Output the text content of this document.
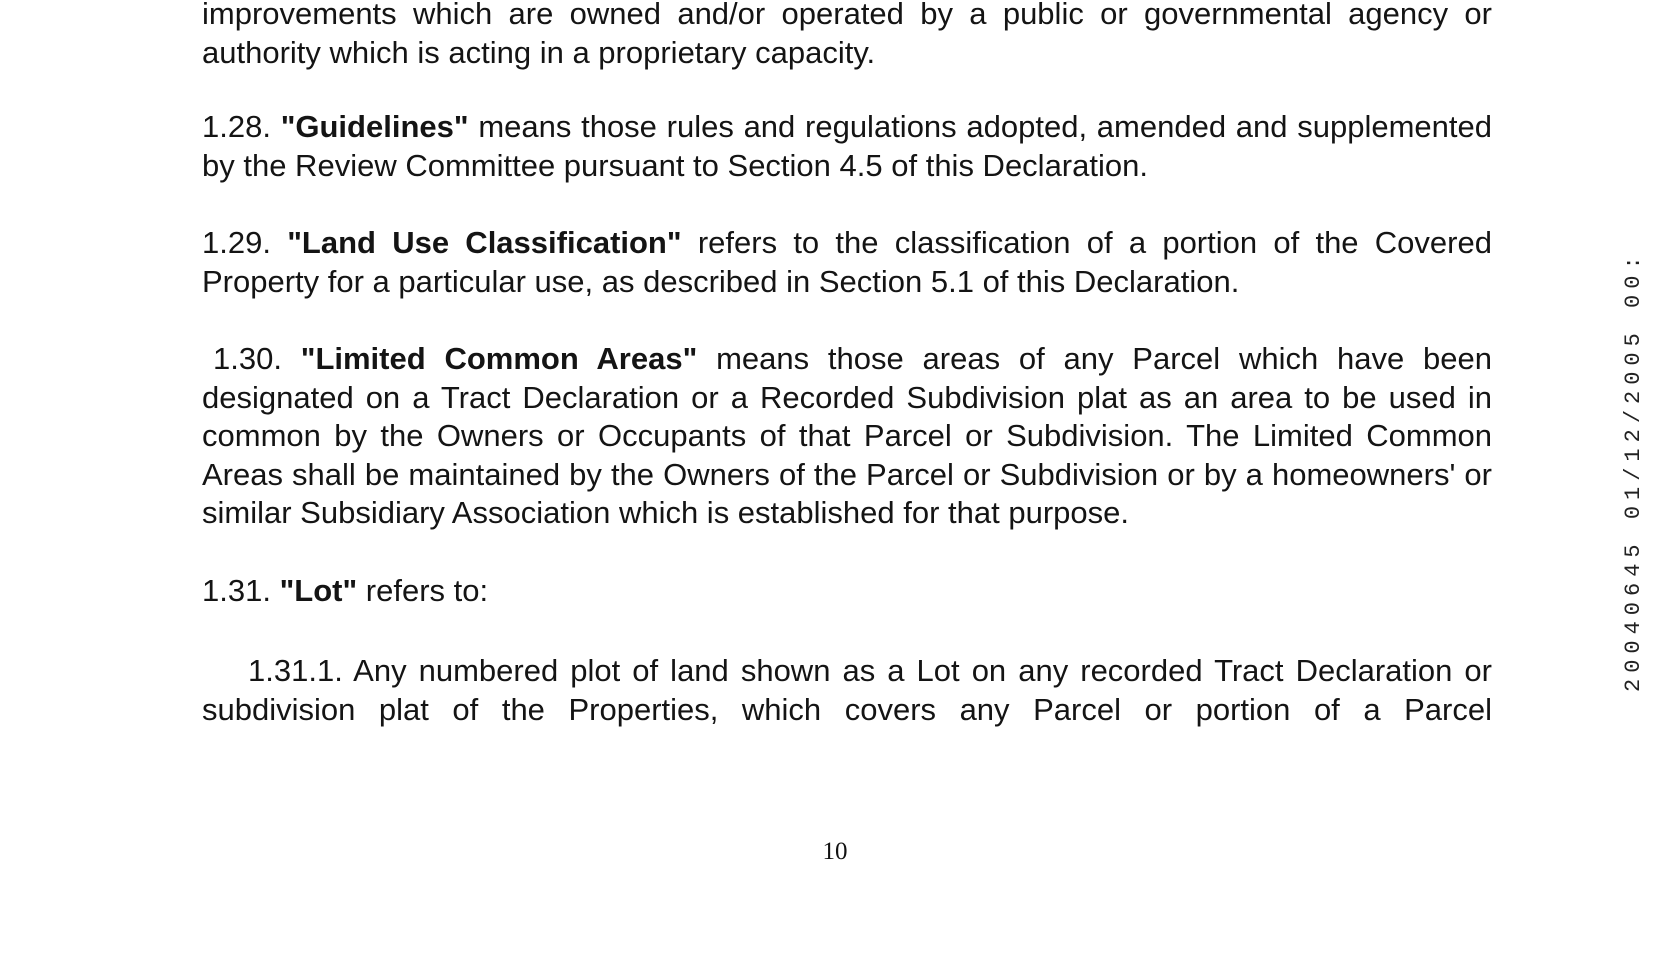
improvements which are owned and/or operated by a public or governmental agency or

authority which is acting in a proprietary capacity.

1.28. "Guidelines" means those rules and regulations adopted, amended and supplemented by the Review Committee pursuant to Section 4.5 of this Declaration.

1.29. "Land Use Classification" refers to the classification of a portion of the Covered Property for a particular use, as described in Section 5.1 of this Declaration.

1.30. "Limited Common Areas" means those areas of any Parcel which have been designated on a Tract Declaration or a Recorded Subdivision plat as an area to be used in common by the Owners or Occupants of that Parcel or Subdivision. The Limited Common Areas shall be maintained by the Owners of the Parcel or Subdivision or by a homeowners' or similar Subsidiary Association which is established for that purpose.

1.31. "Lot" refers to:

1.31.1. Any numbered plot of land shown as a Lot on any recorded Tract Declaration or subdivision plat of the Properties, which covers any Parcel or portion of a Parcel

10
20040645 01/12/2005 00:
